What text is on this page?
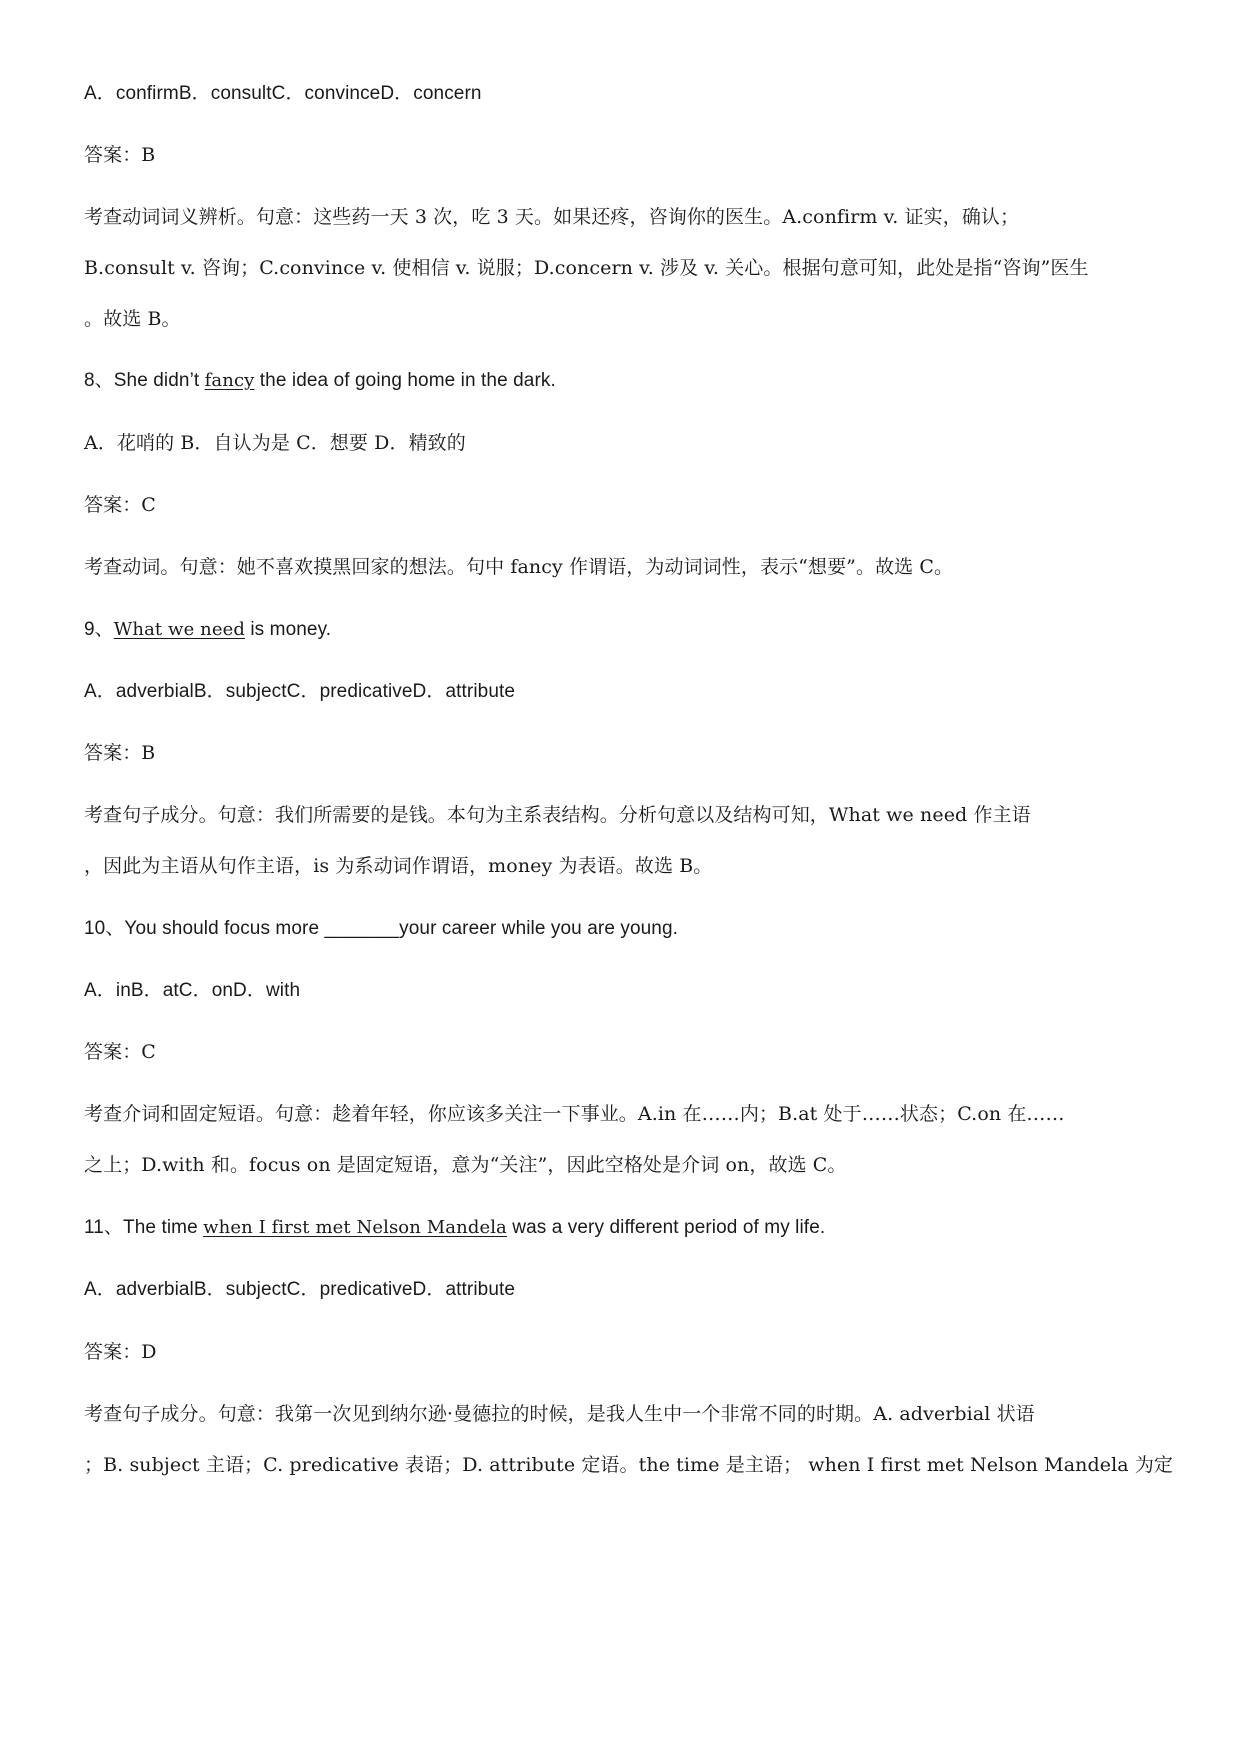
A．confirmB．consultC．convinceD．concern
答案：B
考查动词词义辨析。句意：这些药一天 3 次，吃 3 天。如果还疼，咨询你的医生。A.confirm v. 证实，确认；
B.consult v. 咨询；C.convince v. 使相信 v. 说服；D.concern v. 涉及 v. 关心。根据句意可知，此处是指“咨询”医生
。故选 B。
8、She didn’t fancy the idea of going home in the dark.
A．花哨的 B．自认为是 C．想要 D．精致的
答案：C
考查动词。句意：她不喜欢摸黑回家的想法。句中 fancy 作谓语，为动词词性，表示“想要”。故选 C。
9、What we need is money.
A．adverbialB．subjectC．predicativeD．attribute
答案：B
考查句子成分。句意：我们所需要的是钱。本句为主系表结构。分析句意以及结构可知，What we need 作主语
，因此为主语从句作主语，is 为系动词作谓语，money 为表语。故选 B。
10、You should focus more _______your career while you are young.
A．inB．atC．onD．with
答案：C
考查介词和固定短语。句意：趁着年轻，你应该多关注一下事业。A.in 在……内；B.at 处于……状态；C.on 在……
之上；D.with 和。focus on 是固定短语，意为“关注”，因此空格处是介词 on，故选 C。
11、The time when I first met Nelson Mandela was a very different period of my life.
A．adverbialB．subjectC．predicativeD．attribute
答案：D
考查句子成分。句意：我第一次见到纳尔逊·曼德拉的时候，是我人生中一个非常不同的时期。A. adverbial 状语
；B. subject 主语；C. predicative 表语；D. attribute 定语。the time 是主语； when I first met Nelson Mandela 为定
